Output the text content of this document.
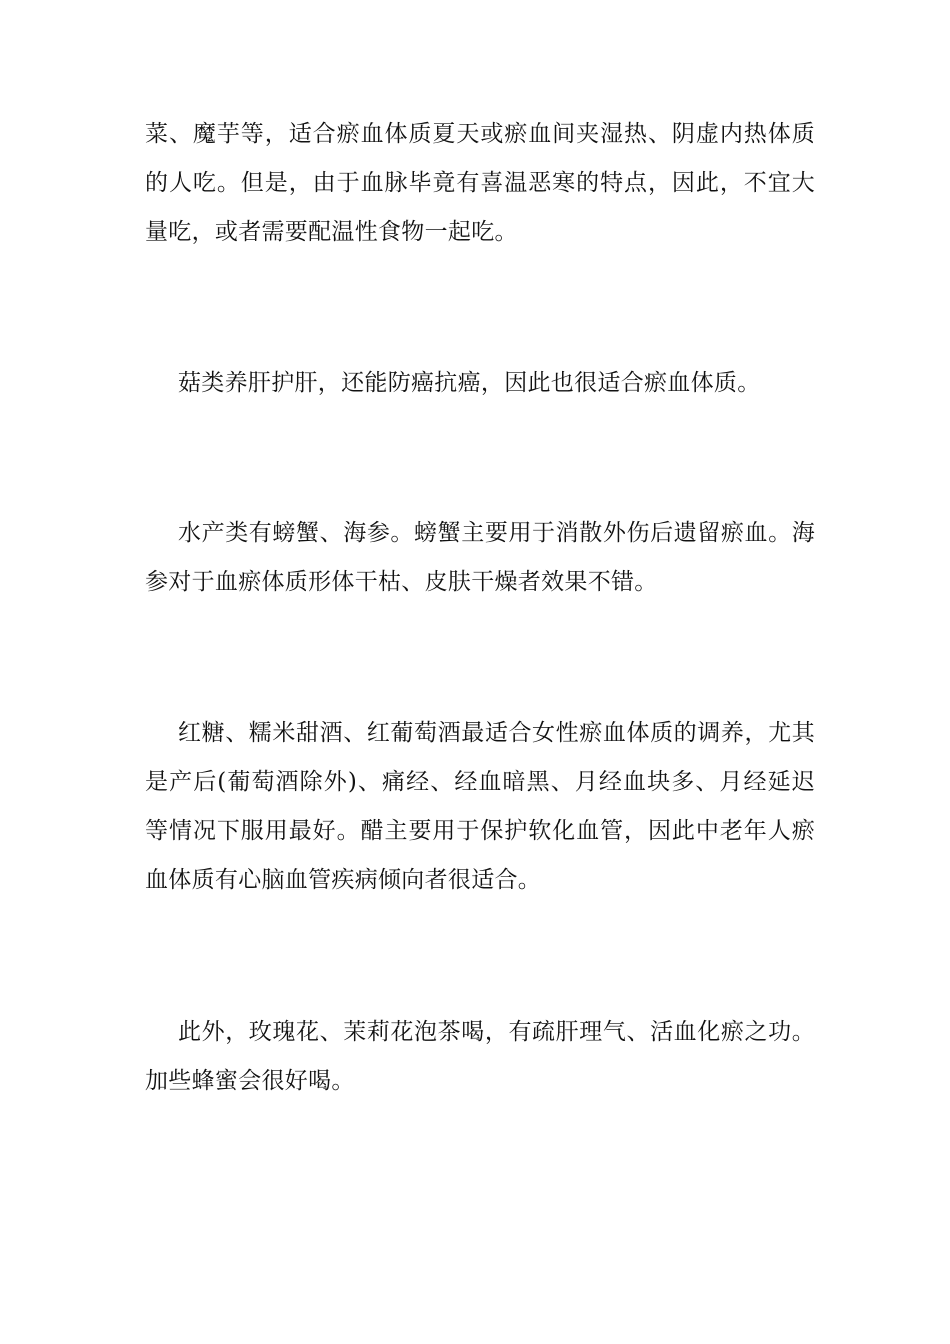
菜、魔芋等，适合瘀血体质夏天或瘀血间夹湿热、阴虚内热体质的人吃。但是，由于血脉毕竟有喜温恶寒的特点，因此，不宜大量吃，或者需要配温性食物一起吃。

菇类养肝护肝，还能防癌抗癌，因此也很适合瘀血体质。

水产类有螃蟹、海参。螃蟹主要用于消散外伤后遗留瘀血。海参对于血瘀体质形体干枯、皮肤干燥者效果不错。

红糖、糯米甜酒、红葡萄酒最适合女性瘀血体质的调养，尤其是产后(葡萄酒除外)、痛经、经血暗黑、月经血块多、月经延迟等情况下服用最好。醋主要用于保护软化血管，因此中老年人瘀血体质有心脑血管疾病倾向者很适合。

此外，玫瑰花、茉莉花泡茶喝，有疏肝理气、活血化瘀之功。加些蜂蜜会很好喝。
